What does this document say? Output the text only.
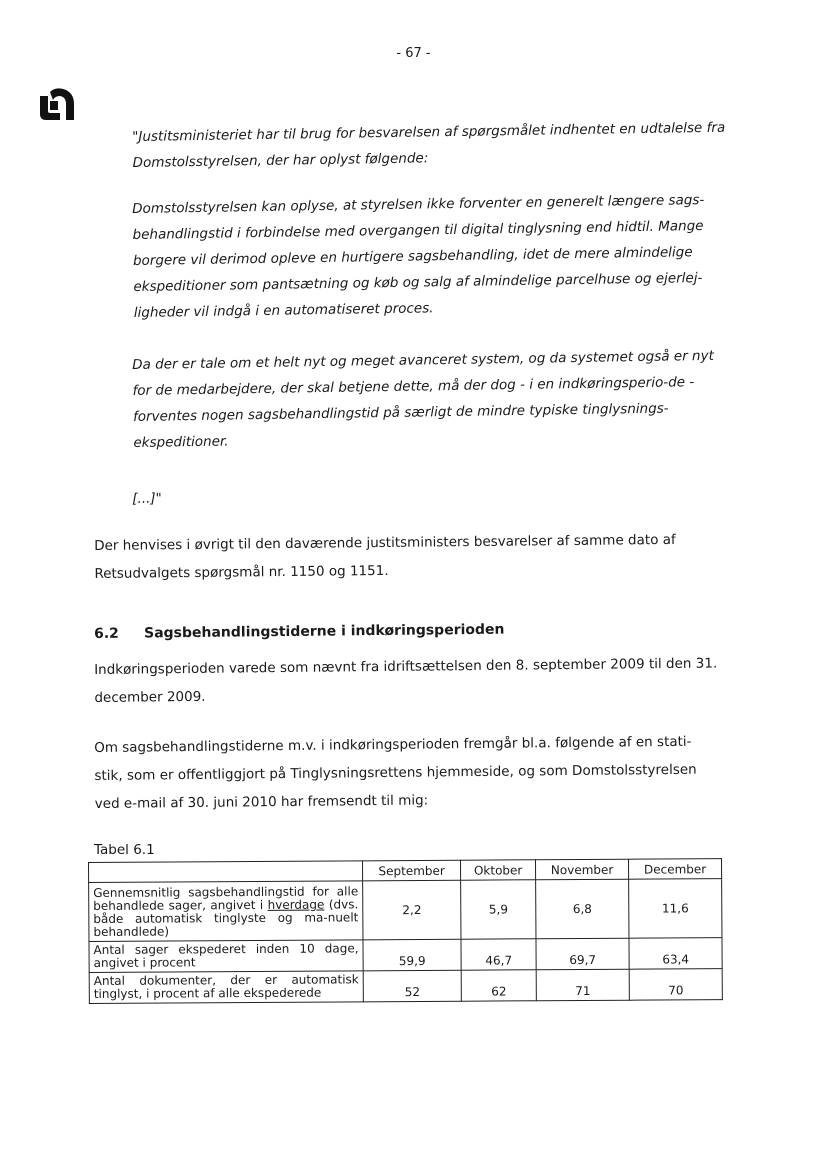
- 67 -
"Justitsministeriet har til brug for besvarelsen af spørgsmålet indhentet en udtalelse fra Domstolsstyrelsen, der har oplyst følgende:
Domstolsstyrelsen kan oplyse, at styrelsen ikke forventer en generelt længere sags-behandlingstid i forbindelse med overgangen til digital tinglysning end hidtil. Mange borgere vil derimod opleve en hurtigere sagsbehandling, idet de mere almindelige ekspeditioner som pantsætning og køb og salg af almindelige parcelhuse og ejerlej-ligheder vil indgå i en automatiseret proces.
Da der er tale om et helt nyt og meget avanceret system, og da systemet også er nyt for de medarbejdere, der skal betjene dette, må der dog - i en indkøringsperio-de - forventes nogen sagsbehandlingstid på særligt de mindre typiske tinglysnings-ekspeditioner.
[...]"
Der henvises i øvrigt til den daværende justitsministers besvarelser af samme dato af Retsudvalgets spørgsmål nr. 1150 og 1151.
6.2 Sagsbehandlingstiderne i indkøringsperioden
Indkøringsperioden varede som nævnt fra idriftsættelsen den 8. september 2009 til den 31. december 2009.
Om sagsbehandlingstiderne m.v. i indkøringsperioden fremgår bl.a. følgende af en stati-stik, som er offentliggjort på Tinglysningsrettens hjemmeside, og som Domstolsstyrelsen ved e-mail af 30. juni 2010 har fremsendt til mig:
Tabel 6.1
	September	Oktober	November	December
Gennemsnitlig sagsbehandlingstid for alle behandlede sager, angivet i hverdage (dvs. både automatisk tinglyste og ma-nuelt behandlede)	2,2	5,9	6,8	11,6
Antal sager ekspederet inden 10 dage, angivet i procent	59,9	46,7	69,7	63,4
Antal dokumenter, der er automatisk tinglyst, i procent af alle ekspederede	52	62	71	70
